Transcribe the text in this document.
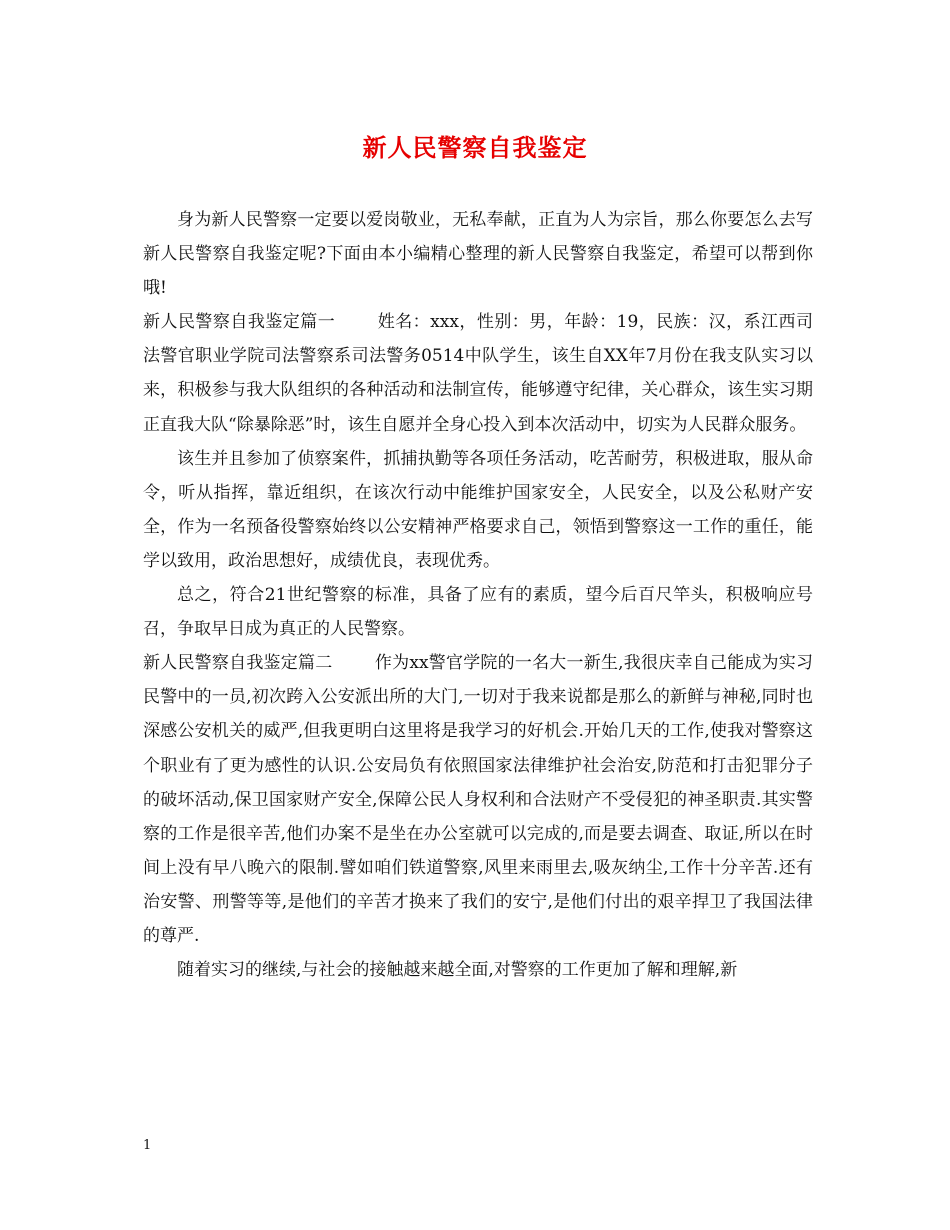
新人民警察自我鉴定

身为新人民警察一定要以爱岗敬业，无私奉献，正直为人为宗旨，那么你要怎么去写新人民警察自我鉴定呢?下面由本小编精心整理的新人民警察自我鉴定，希望可以帮到你哦!

新人民警察自我鉴定篇一	姓名：xxx，性别：男，年龄：19，民族：汉，系江西司法警官职业学院司法警察系司法警务0514中队学生，该生自XX年7月份在我支队实习以来，积极参与我大队组织的各种活动和法制宣传，能够遵守纪律，关心群众，该生实习期正直我大队“除暴除恶”时，该生自愿并全身心投入到本次活动中，切实为人民群众服务。

该生并且参加了侦察案件，抓捕执勤等各项任务活动，吃苦耐劳，积极进取，服从命令，听从指挥，靠近组织，在该次行动中能维护国家安全，人民安全，以及公私财产安全，作为一名预备役警察始终以公安精神严格要求自己，领悟到警察这一工作的重任，能学以致用，政治思想好，成绩优良，表现优秀。

总之，符合21世纪警察的标准，具备了应有的素质，望今后百尺竿头，积极响应号召，争取早日成为真正的人民警察。

新人民警察自我鉴定篇二	作为xx警官学院的一名大一新生,我很庆幸自己能成为实习民警中的一员,初次跨入公安派出所的大门,一切对于我来说都是那么的新鲜与神秘,同时也深感公安机关的威严,但我更明白这里将是我学习的好机会.开始几天的工作,使我对警察这个职业有了更为感性的认识.公安局负有依照国家法律维护社会治安,防范和打击犯罪分子的破坏活动,保卫国家财产安全,保障公民人身权利和合法财产不受侵犯的神圣职责.其实警察的工作是很辛苦,他们办案不是坐在办公室就可以完成的,而是要去调查、取证,所以在时间上没有早八晚六的限制.譬如咱们铁道警察,风里来雨里去,吸灰纳尘,工作十分辛苦.还有治安警、刑警等等,是他们的辛苦才换来了我们的安宁,是他们付出的艰辛捍卫了我国法律的尊严.

随着实习的继续,与社会的接触越来越全面,对警察的工作更加了解和理解,新

1
